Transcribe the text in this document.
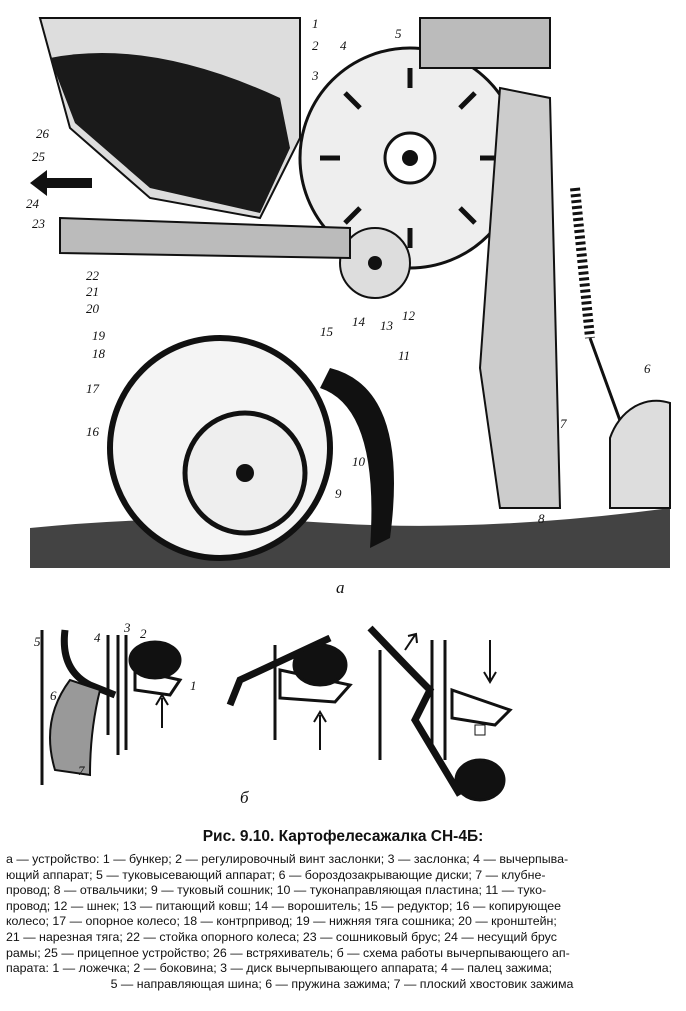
1
2
3
4
5
6
7
8
9
10
11
12
13
14
15
16
17
18
19
20
21
22
23
24
25
26
а
1
2
3
4
5
6
7
б
Рис. 9.10. Картофелесажалка СН-4Б:
а — устройство: 1 — бункер; 2 — регулировочный винт заслонки; 3 — заслонка; 4 — вычерпыва-
ющий аппарат; 5 — туковысевающий аппарат; 6 — бороздозакрывающие диски; 7 — клубне-
провод; 8 — отвальчики; 9 — туковый сошник; 10 — туконаправляющая пластина; 11 — туко-
провод; 12 — шнек; 13 — питающий ковш; 14 — ворошитель; 15 — редуктор; 16 — копирующее
колесо; 17 — опорное колесо; 18 — контрпривод; 19 — нижняя тяга сошника; 20 — кронштейн;
21 — нарезная тяга; 22 — стойка опорного колеса; 23 — сошниковый брус; 24 — несущий брус
рамы; 25 — прицепное устройство; 26 — встряхиватель; б — схема работы вычерпывающего ап-
парата: 1 — ложечка; 2 — боковина; 3 — диск вычерпывающего аппарата; 4 — палец зажима;
5 — направляющая шина; 6 — пружина зажима; 7 — плоский хвостовик зажима
